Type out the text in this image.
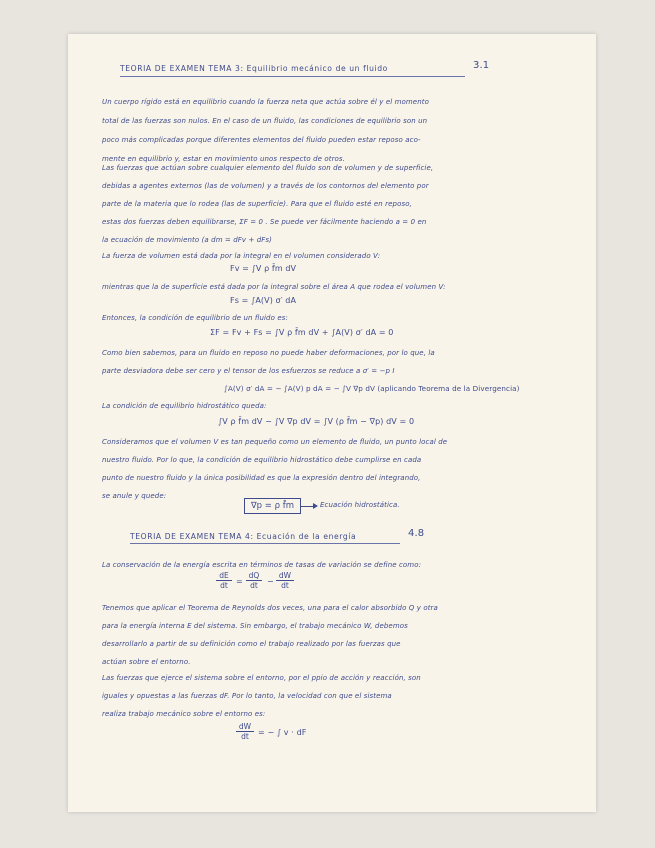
TEORIA DE EXAMEN TEMA 3: Equilibrio mecánico de un fluido	3.1
Un cuerpo rígido está en equilibrio cuando la fuerza neta que actúa sobre él y el momento
total de las fuerzas son nulos. En el caso de un fluido, las condiciones de equilibrio son un
poco más complicadas porque diferentes elementos del fluido pueden estar reposo aco-
mente en equilibrio y, estar en movimiento unos respecto de otros.
Las fuerzas que actúan sobre cualquier elemento del fluido son de volumen y de superficie,
debidas a agentes externos (las de volumen) y a través de los contornos del elemento por
parte de la materia que lo rodea (las de superficie). Para que el fluido esté en reposo,
estas dos fuerzas deben equilibrarse, ΣF = 0 . Se puede ver fácilmente haciendo a = 0 en
la ecuación de movimiento (a dm = dFv + dFs)
La fuerza de volumen está dada por la integral en el volumen considerado V:
Fv = ∫V ρ f̄m dV
mientras que la de superficie está dada por la integral sobre el área A que rodea el volumen V:
Fs = ∫A(V) σ′ dA
Entonces, la condición de equilibrio de un fluido es:
ΣF = Fv + Fs = ∫V ρ f̄m dV + ∫A(V) σ′ dA = 0
Como bien sabemos, para un fluido en reposo no puede haber deformaciones, por lo que, la
parte desviadora debe ser cero y el tensor de los esfuerzos se reduce a σ′ = −p I
∫A(V) σ′ dA = − ∫A(V) p dA = − ∫V ∇p dV (aplicando Teorema de la Divergencia)
La condición de equilibrio hidrostático queda:
∫V ρ f̄m dV − ∫V ∇p dV = ∫V (ρ f̄m − ∇p) dV = 0
Consideramos que el volumen V es tan pequeño como un elemento de fluido, un punto local de
nuestro fluido. Por lo que, la condición de equilibrio hidrostático debe cumplirse en cada
punto de nuestro fluido y la única posibilidad es que la expresión dentro del integrando,
se anule y quede:
∇p = ρ f̄m	Ecuación hidrostática.
TEORIA DE EXAMEN TEMA 4: Ecuación de la energía	4.8
La conservación de la energía escrita en términos de tasas de variación se define como:
$\frac{dE}{dt} = \frac{dQ}{dt} - \frac{dW}{dt}$
Tenemos que aplicar el Teorema de Reynolds dos veces, una para el calor absorbido Q y otra
para la energía interna E del sistema. Sin embargo, el trabajo mecánico W, debemos
desarrollarlo a partir de su definición como el trabajo realizado por las fuerzas que
actúan sobre el entorno.
Las fuerzas que ejerce el sistema sobre el entorno, por el ppio de acción y reacción, son
iguales y opuestas a las fuerzas dF. Por lo tanto, la velocidad con que el sistema
realiza trabajo mecánico sobre el entorno es:
$\frac{dW}{dt}$ = − ∫ v · dF
